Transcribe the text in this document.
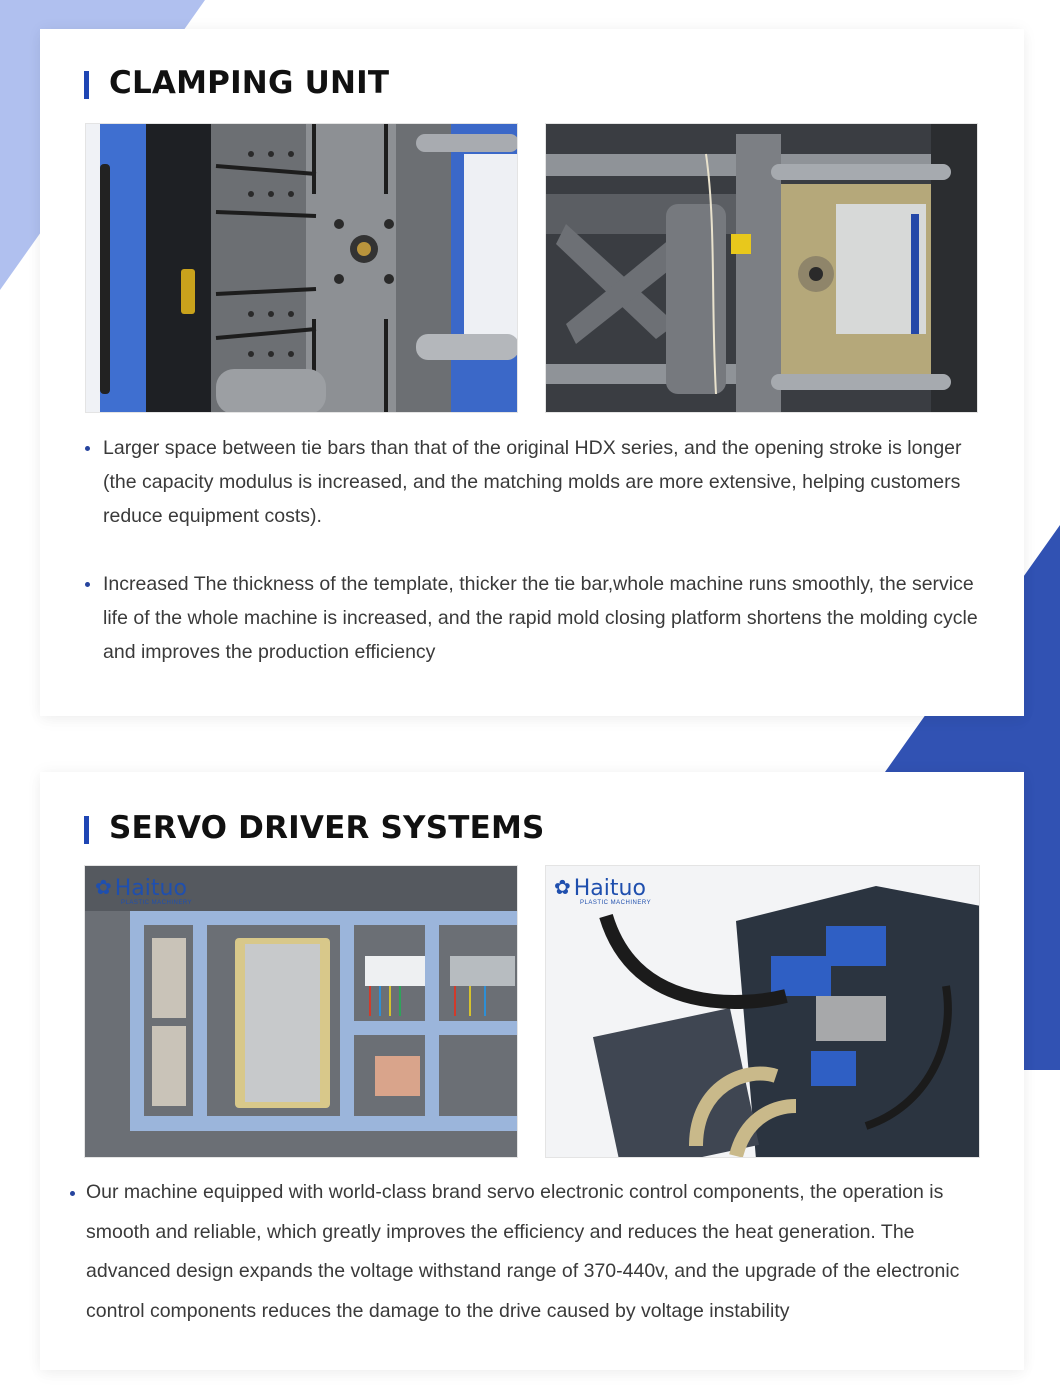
CLAMPING UNIT
Larger space between tie bars than that of the original HDX series, and the opening stroke is longer (the capacity modulus is increased, and the matching molds are more extensive, helping customers reduce equipment costs).
Increased The thickness of the template, thicker the tie bar,whole machine runs smoothly, the service life of the whole machine is increased, and the rapid mold closing platform shortens the molding cycle and improves the production efficiency
SERVO DRIVER SYSTEMS
✿ Haituo
PLASTIC MACHINERY
✿ Haituo
PLASTIC MACHINERY
Our machine equipped with world-class brand servo electronic control components, the operation is smooth and reliable, which greatly improves the efficiency and reduces the heat generation. The advanced design expands the voltage withstand range of 370-440v, and the upgrade of the electronic control components reduces the damage to the drive caused by voltage instability
